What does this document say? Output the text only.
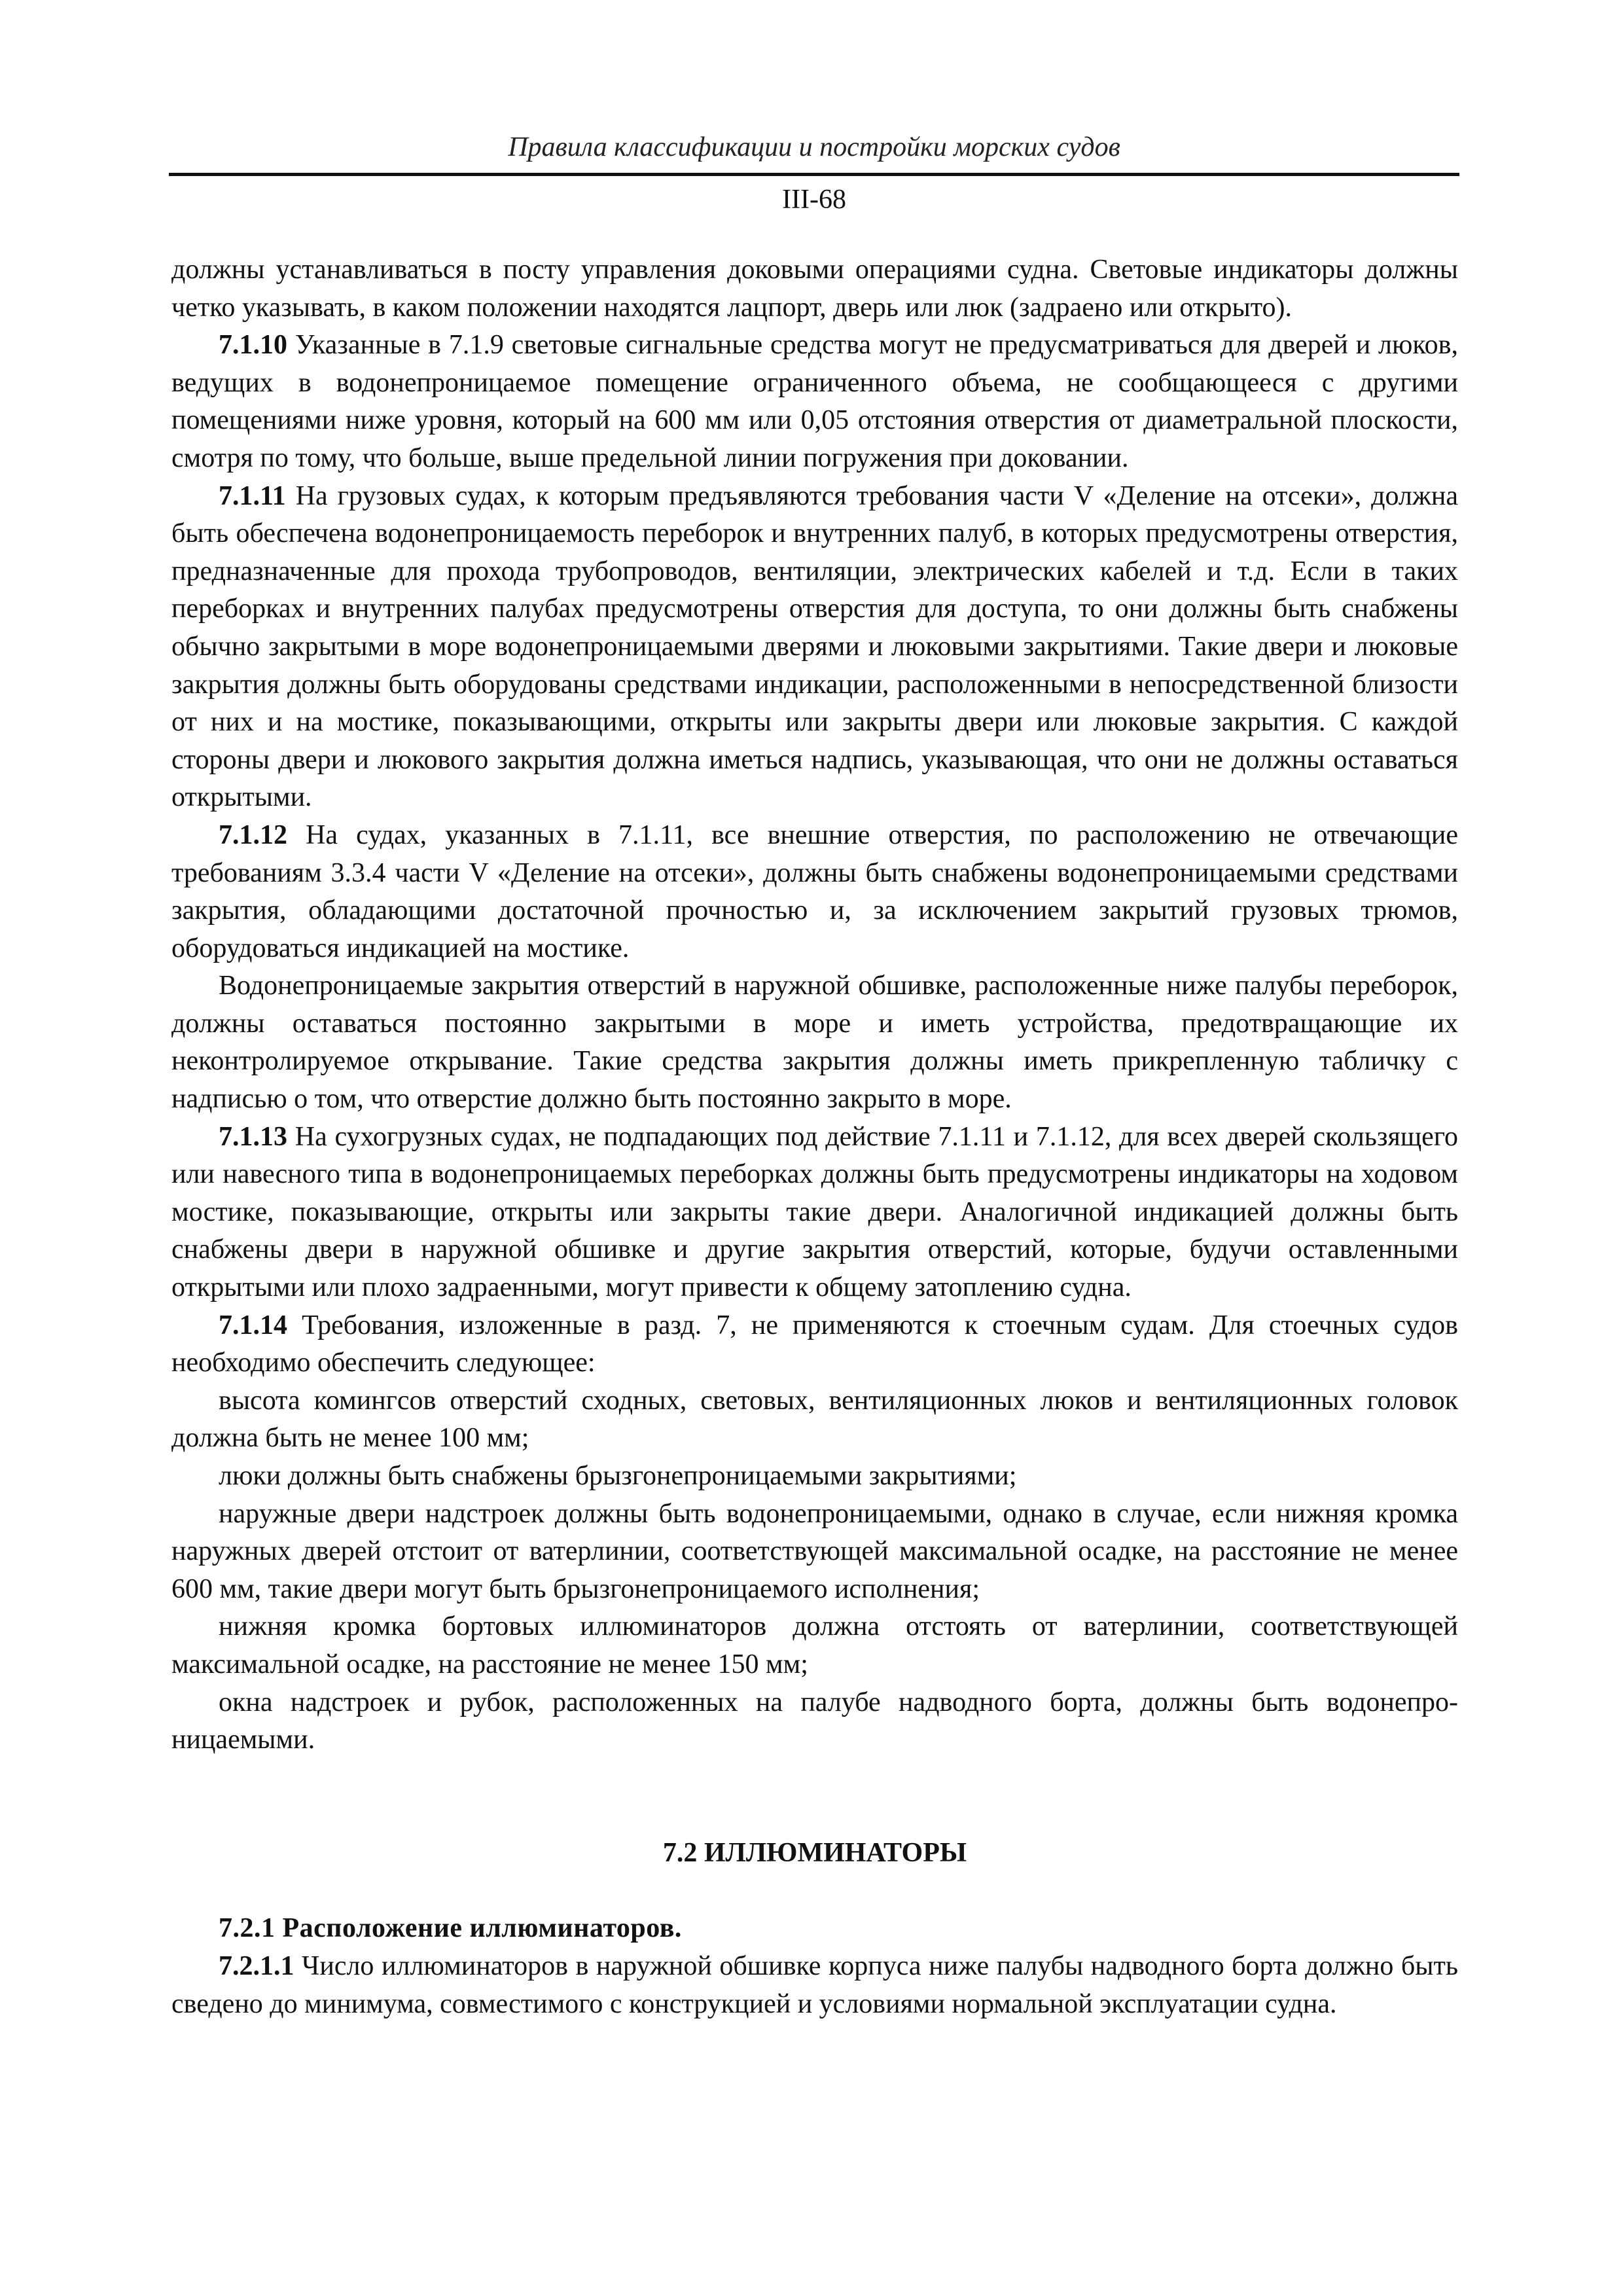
Правила классификации и постройки морских судов
III-68

должны устанавливаться в посту управления доковыми операциями судна. Световые индикаторы должны четко указывать, в каком положении находятся лацпорт, дверь или люк (задраено или открыто).

7.1.10 Указанные в 7.1.9 световые сигнальные средства могут не предусматриваться для дверей и люков, ведущих в водонепроницаемое помещение ограниченного объема, не сообщающееся с другими помещениями ниже уровня, который на 600 мм или 0,05 отстояния отверстия от диаметральной плоскости, смотря по тому, что больше, выше предельной линии погружения при доковании.

7.1.11 На грузовых судах, к которым предъявляются требования части V «Деление на отсеки», должна быть обеспечена водонепроницаемость переборок и внутренних палуб, в которых предусмотрены отверстия, предназначенные для прохода трубопроводов, вентиляции, электрических кабелей и т.д. Если в таких переборках и внутренних палубах предусмотрены отверстия для доступа, то они должны быть снабжены обычно закрытыми в море водонепроницаемыми дверями и люковыми закрытиями. Такие двери и люковые закрытия должны быть оборудованы средствами индикации, расположенными в непосредственной близости от них и на мостике, показывающими, открыты или закрыты двери или люковые закрытия. С каждой стороны двери и люкового закрытия должна иметься надпись, указывающая, что они не должны оставаться открытыми.

7.1.12 На судах, указанных в 7.1.11, все внешние отверстия, по расположению не отвечающие требованиям 3.3.4 части V «Деление на отсеки», должны быть снабжены водонепроницаемыми средствами закрытия, обладающими достаточной прочностью и, за исключением закрытий грузовых трюмов, оборудоваться индикацией на мостике.

Водонепроницаемые закрытия отверстий в наружной обшивке, расположенные ниже палубы переборок, должны оставаться постоянно закрытыми в море и иметь устройства, предотвращающие их неконтролируемое открывание. Такие средства закрытия должны иметь прикрепленную табличку с надписью о том, что отверстие должно быть постоянно закрыто в море.

7.1.13 На сухогрузных судах, не подпадающих под действие 7.1.11 и 7.1.12, для всех дверей скользящего или навесного типа в водонепроницаемых переборках должны быть предусмотрены индикаторы на ходовом мостике, показывающие, открыты или закрыты такие двери. Аналогичной индикацией должны быть снабжены двери в наружной обшивке и другие закрытия отверстий, которые, будучи оставленными открытыми или плохо задраенными, могут привести к общему затоплению судна.

7.1.14 Требования, изложенные в разд. 7, не применяются к стоечным судам. Для стоечных судов необходимо обеспечить следующее:

высота комингсов отверстий сходных, световых, вентиляционных люков и вентиляционных головок должна быть не менее 100 мм;

люки должны быть снабжены брызгонепроницаемыми закрытиями;

наружные двери надстроек должны быть водонепроницаемыми, однако в случае, если нижняя кромка наружных дверей отстоит от ватерлинии, соответствующей максимальной осадке, на расстояние не менее 600 мм, такие двери могут быть брызгонепроницаемого исполнения;

нижняя кромка бортовых иллюминаторов должна отстоять от ватерлинии, соответствующей максимальной осадке, на расстояние не менее 150 мм;

окна надстроек и рубок, расположенных на палубе надводного борта, должны быть водонепроницаемыми.

7.2 ИЛЛЮМИНАТОРЫ

7.2.1 Расположение иллюминаторов.

7.2.1.1 Число иллюминаторов в наружной обшивке корпуса ниже палубы надводного борта должно быть сведено до минимума, совместимого с конструкцией и условиями нормальной эксплуатации судна.
